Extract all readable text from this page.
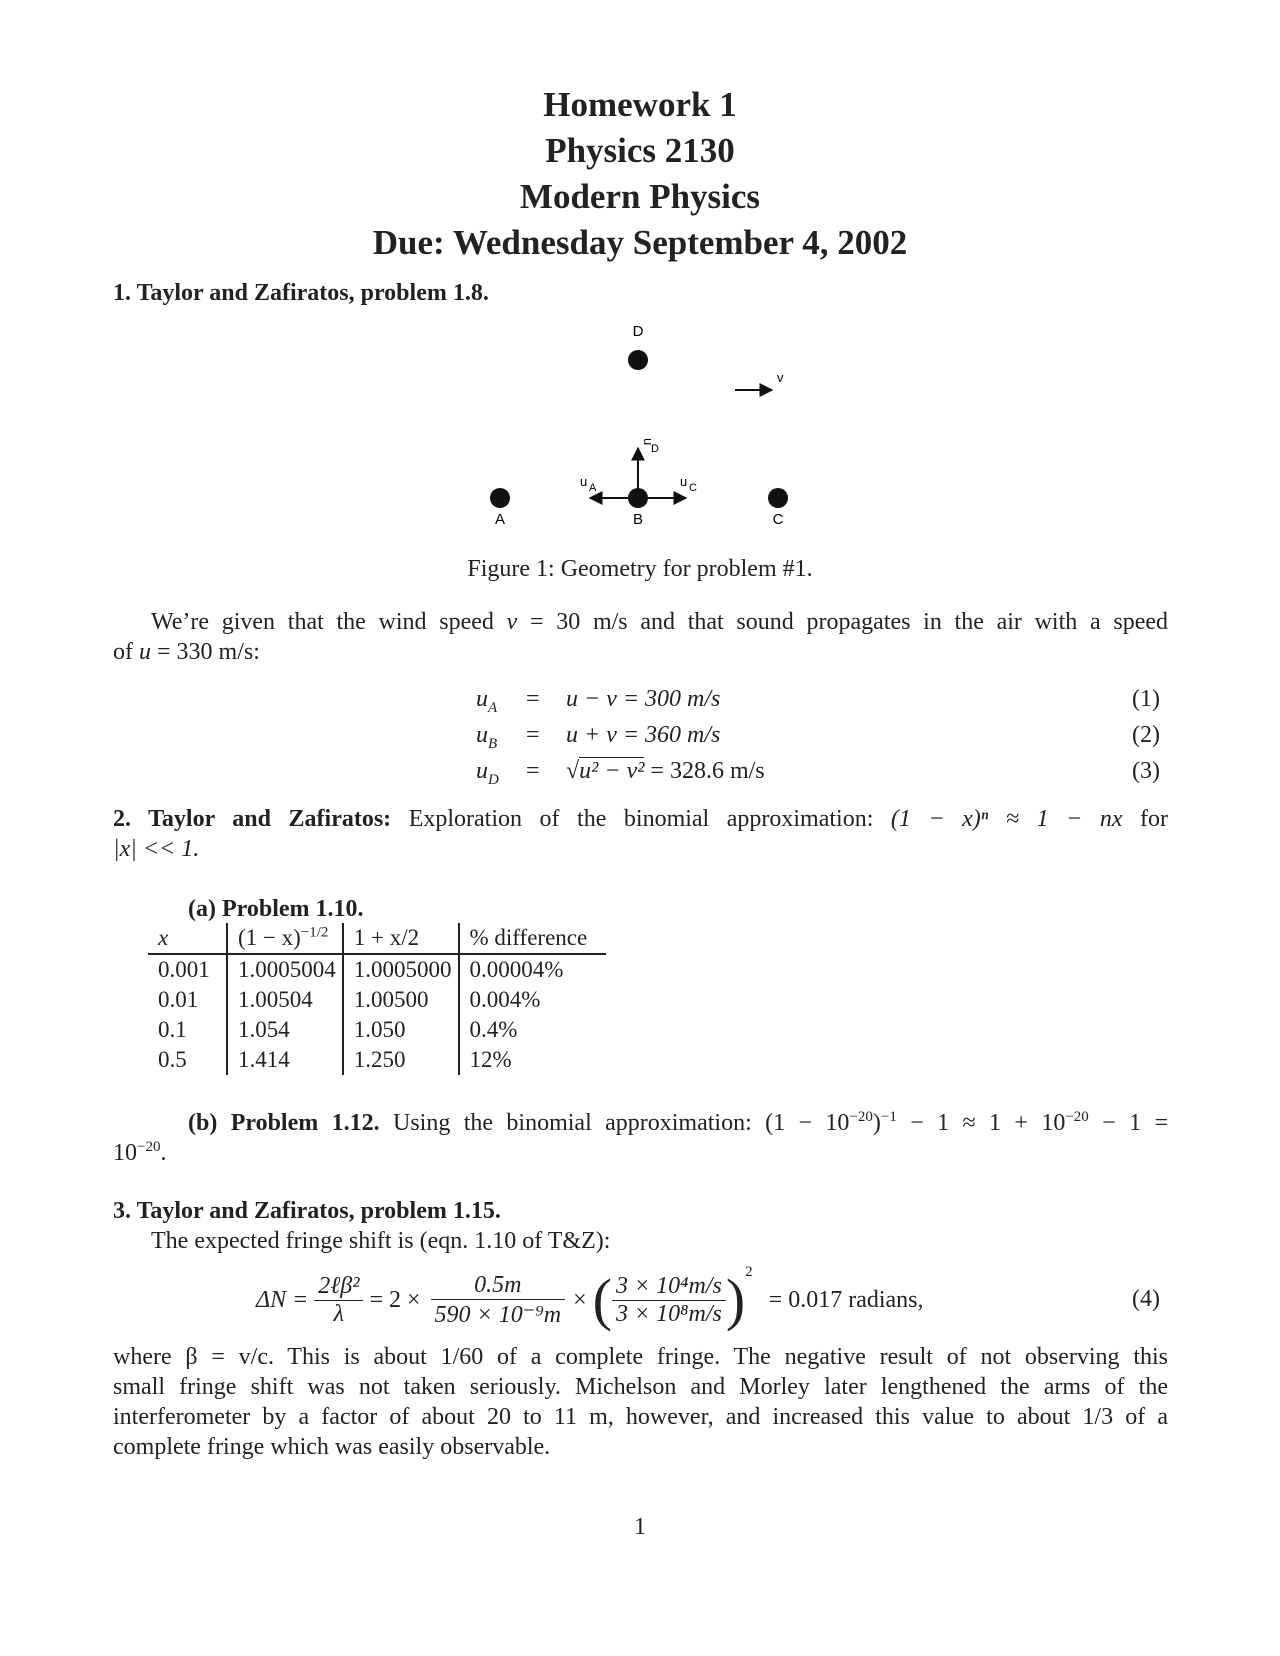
Homework 1
Physics 2130
Modern Physics
Due: Wednesday September 4, 2002
1. Taylor and Zafiratos, problem 1.8.
D
v
A	B	C
u
D
u A	u C
Figure 1: Geometry for problem #1.
We’re given that the wind speed v = 30 m/s and that sound propagates in the air with a speed
of u = 330 m/s:
$u_A = u - v = 300$ m/s	(1)
$u_B = u + v = 360$ m/s	(2)
$u_D = √u^2 - v^2 = 328.6$ m/s	(3)
2. Taylor and Zafiratos: Exploration of the binomial approximation: (1 − x)ⁿ ≈ 1 − nx for
|x| << 1.
(a) Problem 1.10.
x	$(1 - x)^{-1/2}$	1 + x/2	% difference
0.001	1.0005004	1.0005000	0.00004%
0.01	1.00504	1.00500	0.004%
0.1	1.054	1.050	0.4%
0.5	1.414	1.250	12%
(b) Problem 1.12. Using the binomial approximation: $(1 - 10^{-20})^{-1} - 1 \approx 1 + 10^{-20} - 1$ =
$10^{-20}$.
3. Taylor and Zafiratos, problem 1.15.
The expected fringe shift is (eqn. 1.10 of T&Z):
$\Delta N = \frac{\text{2ℓβ²}}{\lambda} = 2 \times \frac{0.5m}{\text{590 × 10⁻⁹m}}$ × ( $\frac{\text{3 × 10⁴m/s}}{\text{3 × 10⁸m/s}}$ ) 2
= 0.017 radians,	(4)
where β = v/c. This is about 1/60 of a complete fringe. The negative result of not observing this
small fringe shift was not taken seriously. Michelson and Morley later lengthened the arms of the
interferometer by a factor of about 20 to 11 m, however, and increased this value to about 1/3 of a
complete fringe which was easily observable.
1
